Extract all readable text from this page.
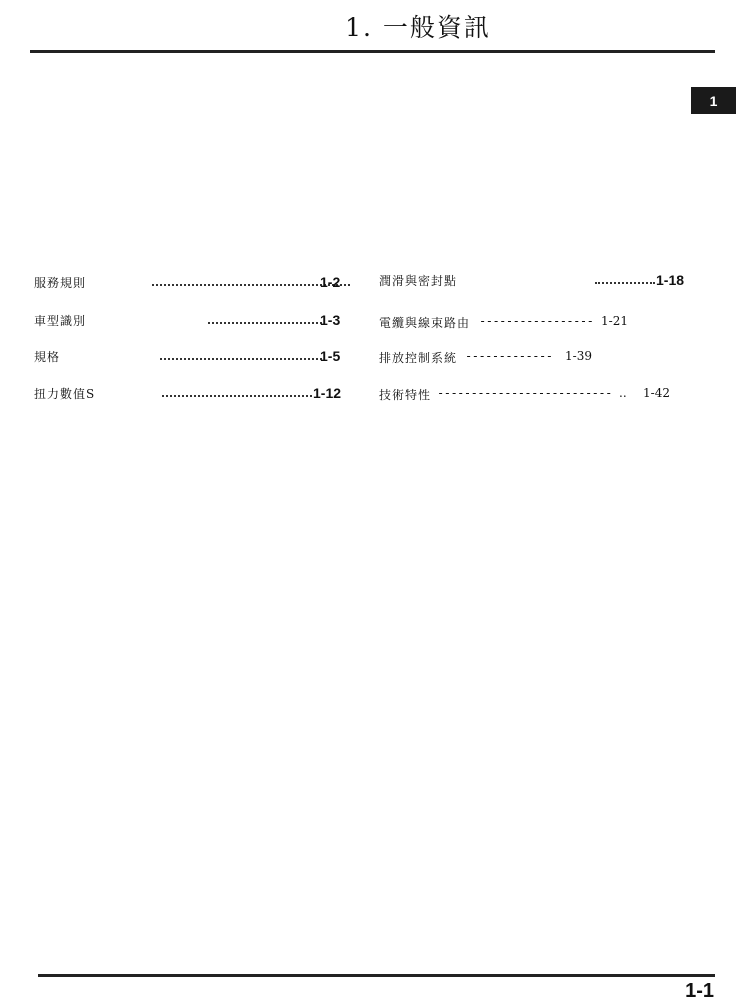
1. 一般資訊
1
服務規則	1-2
車型識別	1-3
規格	1-5
扭力數值S	1-12
潤滑與密封點	1-18
電纜與線束路由 ----------------- 1-21
排放控制系統 ------------- 1-39
技術特性 -------------------------- .. 1-42
1-1
